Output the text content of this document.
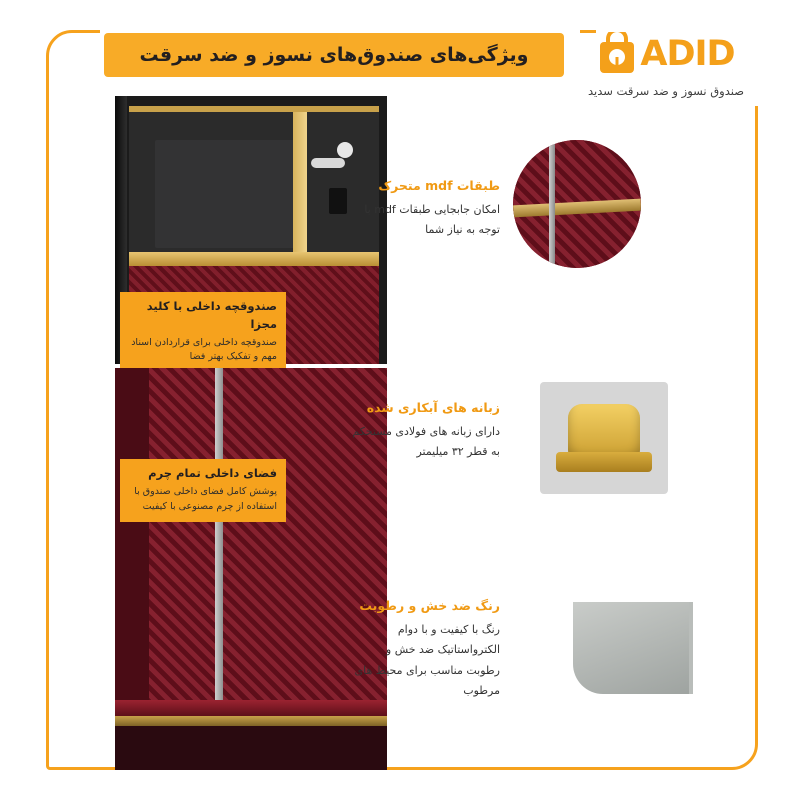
ویژگی‌های صندوق‌های نسوز و ضد سرقت	ADID
صندوق نسوز و ضد سرقت سدید
صندوقچه داخلی با کلید مجزا
صندوقچه داخلی برای قراردادن اسناد مهم و تفکیک بهتر فضا
فضای داخلی تمام چرم
پوشش کامل فضای داخلی صندوق با استفاده از چرم مصنوعی با کیفیت

طبقات mdf متحرک

امکان جابجایی طبقات mdf با توجه به نیاز شما

زبانه های آبکاری شده

دارای زبانه های فولادی مستحکم به قطر ۳۲ میلیمتر

رنگ ضد خش و رطوبت

رنگ با کیفیت و با دوام الکترواستاتیک ضد خش و رطوبت مناسب برای محیط های مرطوب
